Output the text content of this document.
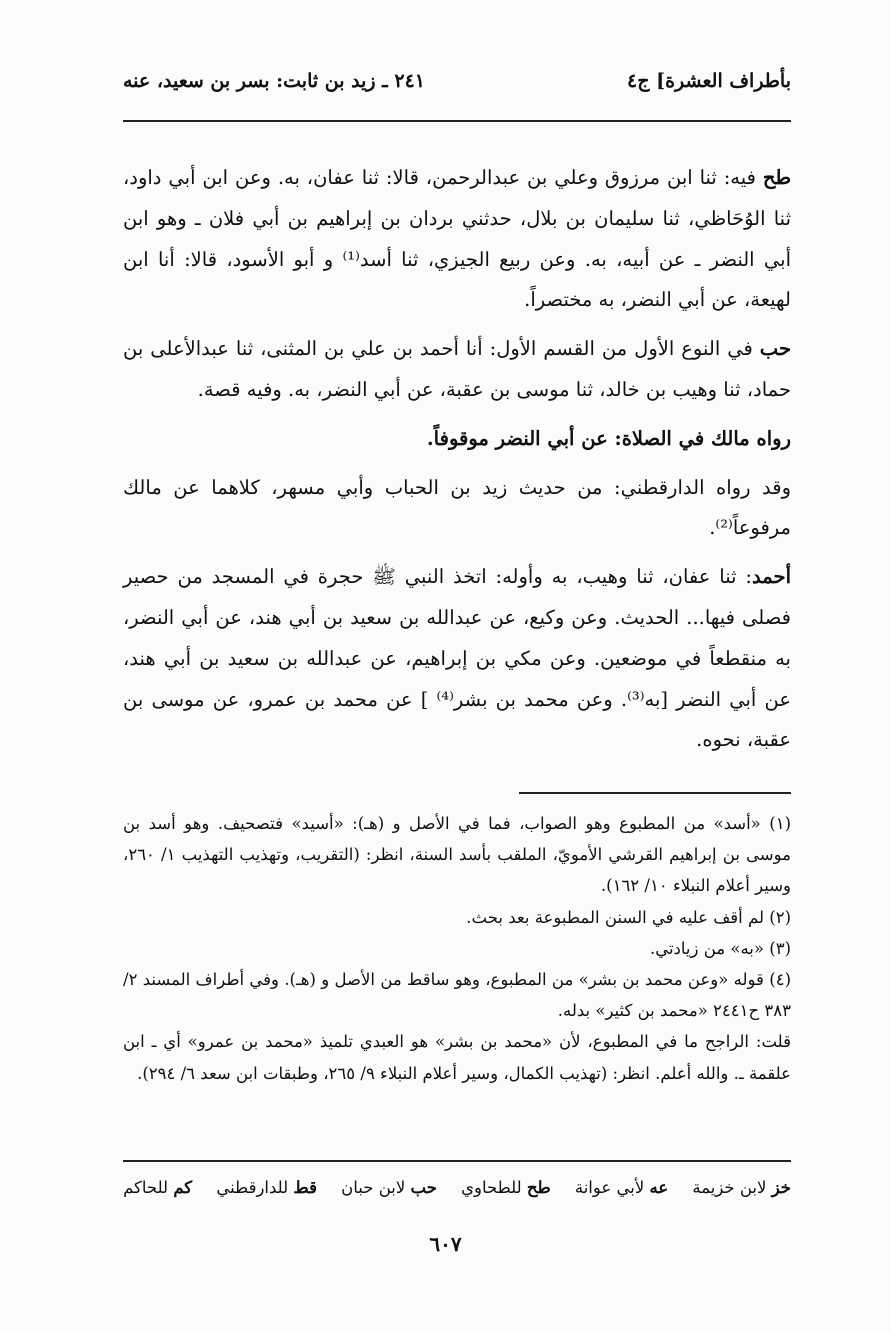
بأطراف العشرة] ج٤
٢٤١ ـ زيد بن ثابت: بسر بن سعيد، عنه

طح فيه: ثنا ابن مرزوق وعلي بن عبدالرحمن، قالا: ثنا عفان، به. وعن ابن أبي داود، ثنا الوُحَاظي، ثنا سليمان بن بلال، حدثني بردان بن إبراهيم بن أبي فلان ـ وهو ابن أبي النضر ـ عن أبيه، به. وعن ربيع الجيزي، ثنا أسد⁽¹⁾ و أبو الأسود، قالا: أنا ابن لهيعة، عن أبي النضر، به مختصراً.

حب في النوع الأول من القسم الأول: أنا أحمد بن علي بن المثنى، ثنا عبدالأعلى بن حماد، ثنا وهيب بن خالد، ثنا موسى بن عقبة، عن أبي النضر، به. وفيه قصة.

رواه مالك في الصلاة: عن أبي النضر موقوفاً.

وقد رواه الدارقطني: من حديث زيد بن الحباب وأبي مسهر، كلاهما عن مالك مرفوعاً⁽²⁾.

أحمد: ثنا عفان، ثنا وهيب، به وأوله: اتخذ النبي ﷺ حجرة في المسجد من حصير فصلى فيها... الحديث. وعن وكيع، عن عبدالله بن سعيد بن أبي هند، عن أبي النضر، به منقطعاً في موضعين. وعن مكي بن إبراهيم، عن عبدالله بن سعيد بن أبي هند، عن أبي النضر [به⁽³⁾. وعن محمد بن بشر⁽⁴⁾ ] عن محمد بن عمرو، عن موسى بن عقبة، نحوه.

(١) «أسد» من المطبوع وهو الصواب، فما في الأصل و (هـ): «أسيد» فتصحيف. وهو أسد بن موسى بن إبراهيم القرشي الأمويّ، الملقب بأسد السنة، انظر: (التقريب، وتهذيب التهذيب ١/ ٢٦٠، وسير أعلام النبلاء ١٠/ ١٦٢).

(٢) لم أقف عليه في السنن المطبوعة بعد بحث.

(٣) «به» من زيادتي.

(٤) قوله «وعن محمد بن بشر» من المطبوع، وهو ساقط من الأصل و (هـ). وفي أطراف المسند ٢/ ٣٨٣ ح٢٤٤١ «محمد بن كثير» بدله.

قلت: الراجح ما في المطبوع، لأن «محمد بن بشر» هو العبدي تلميذ «محمد بن عمرو» أي ـ ابن علقمة ـ. والله أعلم. انظر: (تهذيب الكمال، وسير أعلام النبلاء ٩/ ٢٦٥، وطبقات ابن سعد ٦/ ٢٩٤).

خز لابن خزيمة
عه لأبي عوانة
طح للطحاوي
حب لابن حبان
قط للدارقطني
كم للحاكم
٦٠٧
